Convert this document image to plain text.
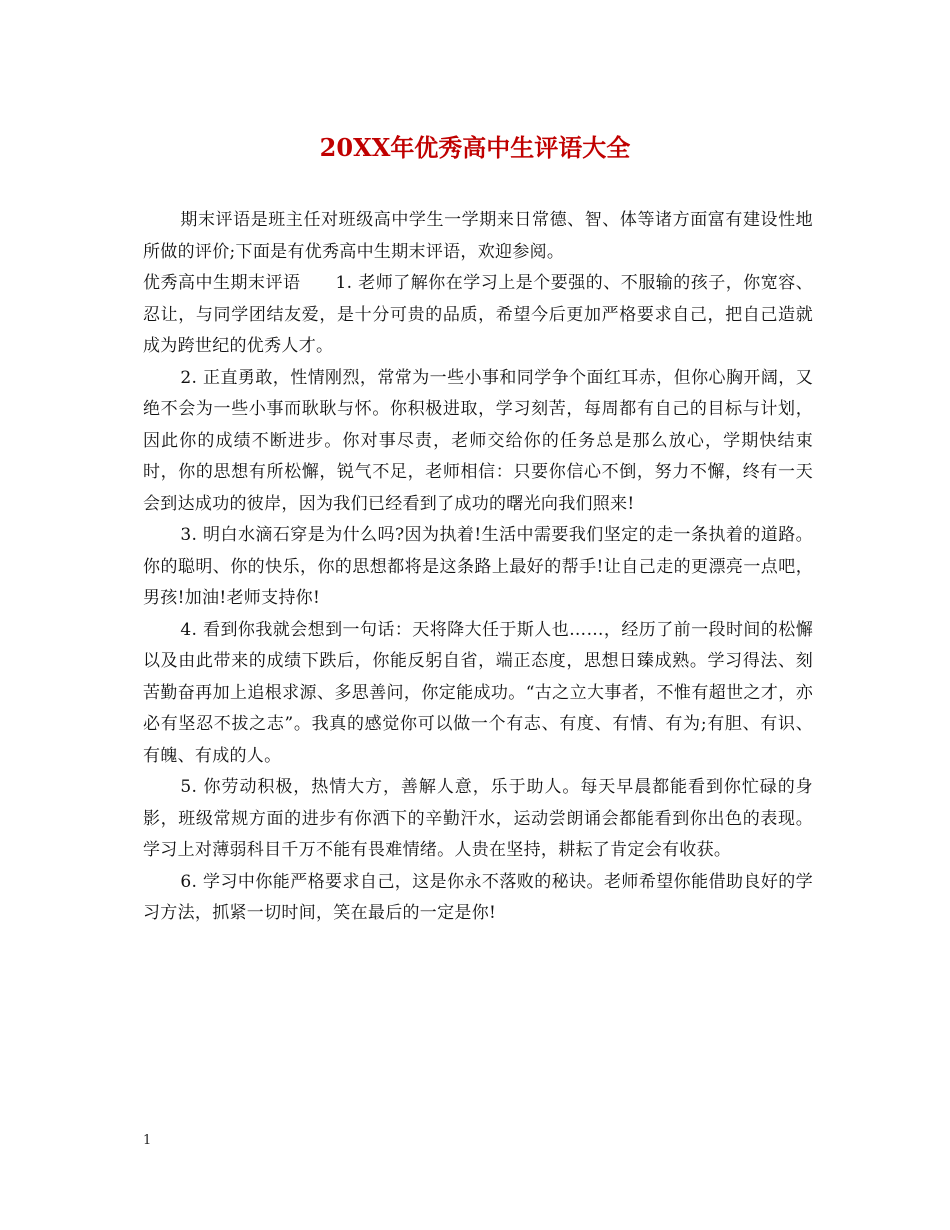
20XX年优秀高中生评语大全

期末评语是班主任对班级高中学生一学期来日常德、智、体等诸方面富有建设性地所做的评价;下面是有优秀高中生期末评语，欢迎参阅。

优秀高中生期末评语　　1. 老师了解你在学习上是个要强的、不服输的孩子，你宽容、忍让，与同学团结友爱，是十分可贵的品质，希望今后更加严格要求自己，把自己造就成为跨世纪的优秀人才。

2. 正直勇敢，性情刚烈，常常为一些小事和同学争个面红耳赤，但你心胸开阔，又绝不会为一些小事而耿耿与怀。你积极进取，学习刻苦，每周都有自己的目标与计划，因此你的成绩不断进步。你对事尽责，老师交给你的任务总是那么放心，学期快结束时，你的思想有所松懈，锐气不足，老师相信：只要你信心不倒，努力不懈，终有一天会到达成功的彼岸，因为我们已经看到了成功的曙光向我们照来!

3. 明白水滴石穿是为什么吗?因为执着!生活中需要我们坚定的走一条执着的道路。你的聪明、你的快乐，你的思想都将是这条路上最好的帮手!让自己走的更漂亮一点吧，男孩!加油!老师支持你!

4. 看到你我就会想到一句话：天将降大任于斯人也……，经历了前一段时间的松懈以及由此带来的成绩下跌后，你能反躬自省，端正态度，思想日臻成熟。学习得法、刻苦勤奋再加上追根求源、多思善问，你定能成功。“古之立大事者，不惟有超世之才，亦必有坚忍不拔之志”。我真的感觉你可以做一个有志、有度、有情、有为;有胆、有识、有魄、有成的人。

5. 你劳动积极，热情大方，善解人意，乐于助人。每天早晨都能看到你忙碌的身影，班级常规方面的进步有你洒下的辛勤汗水，运动尝朗诵会都能看到你出色的表现。学习上对薄弱科目千万不能有畏难情绪。人贵在坚持，耕耘了肯定会有收获。

6. 学习中你能严格要求自己，这是你永不落败的秘诀。老师希望你能借助良好的学习方法，抓紧一切时间，笑在最后的一定是你!

1
